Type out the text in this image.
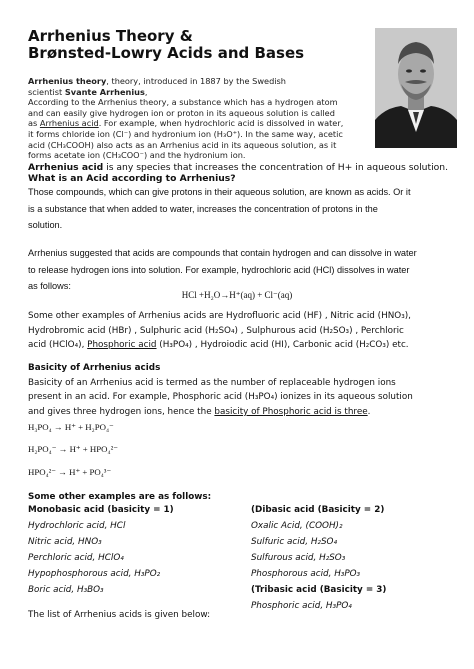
Arrhenius Theory &
Brønsted-Lowry Acids and Bases

Arrhenius theory, theory, introduced in 1887 by the Swedish

scientist Svante Arrhenius,

According to the Arrhenius theory, a substance which has a hydrogen atom

and can easily give hydrogen ion or proton in its aqueous solution is called

as Arrhenius acid. For example, when hydrochloric acid is dissolved in water,

it forms chloride ion (Cl⁻) and hydronium ion (H₃O⁺). In the same way, acetic

acid (CH₃COOH) also acts as an Arrhenius acid in its aqueous solution, as it

forms acetate ion (CH₃COO⁻) and the hydronium ion.

Arrhenius acid is any species that increases the concentration of H+ in aqueous solution.

What is an Acid according to Arrhenius?

Those compounds, which can give protons in their aqueous solution, are known as acids. Or it

is a substance that when added to water, increases the concentration of protons in the

solution.

Arrhenius suggested that acids are compounds that contain hydrogen and can dissolve in water

to release hydrogen ions into solution. For example, hydrochloric acid (HCl) dissolves in water

as follows:

HCl +H₂O→H⁺(aq) + Cl⁻(aq)

Some other examples of Arrhenius acids are Hydrofluoric acid (HF) , Nitric acid (HNO₃),

Hydrobromic acid (HBr) , Sulphuric acid (H₂SO₄) , Sulphurous acid (H₂SO₃) , Perchloric

acid (HClO₄), Phosphoric acid (H₃PO₄) , Hydroiodic acid (HI), Carbonic acid (H₂CO₃) etc.

Basicity of Arrhenius acids

Basicity of an Arrhenius acid is termed as the number of replaceable hydrogen ions

present in an acid. For example, Phosphoric acid (H₃PO₄) ionizes in its aqueous solution

and gives three hydrogen ions, hence the basicity of Phosphoric acid is three.

H₃PO₄ → H⁺ + H₂PO₄⁻
H₂PO₄⁻ → H⁺ + HPO₄²⁻
HPO₄²⁻ → H⁺ + PO₄³⁻
Some other examples are as follows:
Monobasic acid (basicity = 1)
Hydrochloric acid, HCl
Nitric acid, HNO₃
Perchloric acid, HClO₄
Hypophosphorous acid, H₃PO₂
Boric acid, H₃BO₃
(Dibasic acid (Basicity = 2)
Oxalic Acid, (COOH)₂
Sulfuric acid, H₂SO₄
Sulfurous acid, H₂SO₃
Phosphorous acid, H₃PO₃
(Tribasic acid (Basicity = 3)
Phosphoric acid, H₃PO₄
The list of Arrhenius acids is given below:
